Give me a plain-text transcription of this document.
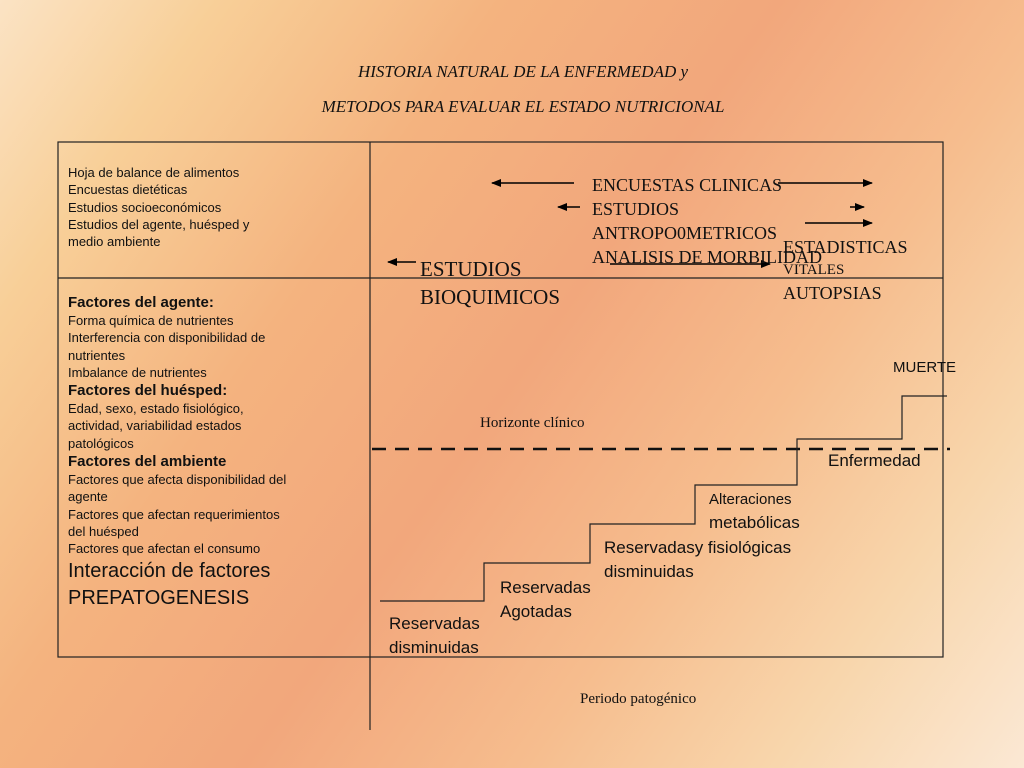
HISTORIA NATURAL DE LA ENFERMEDAD y
METODOS PARA EVALUAR EL ESTADO NUTRICIONAL
Hoja de balance de alimentos
Encuestas dietéticas
Estudios socioeconómicos
Estudios del agente, huésped y
medio ambiente
Factores del agente:
Forma química de nutrientes
Interferencia con disponibilidad de
nutrientes
Imbalance de nutrientes
Factores del huésped:
Edad, sexo, estado fisiológico,
actividad, variabilidad estados
patológicos
Factores del ambiente
Factores que afecta disponibilidad del
agente
Factores que afectan requerimientos
del huésped
Factores que afectan el consumo
Interacción de factores
PREPATOGENESIS
ENCUESTAS CLINICAS
ESTUDIOS
ANTROPO0METRICOS
ANALISIS DE MORBILIDAD
ESTADISTICAS
VITALES
AUTOPSIAS
ESTUDIOS
BIOQUIMICOS
MUERTE
Horizonte clínico
Enfermedad
Alteraciones
metabólicas
Reservadasy fisiológicas
disminuidas
Reservadas
Agotadas
Reservadas
disminuidas
Periodo patogénico
